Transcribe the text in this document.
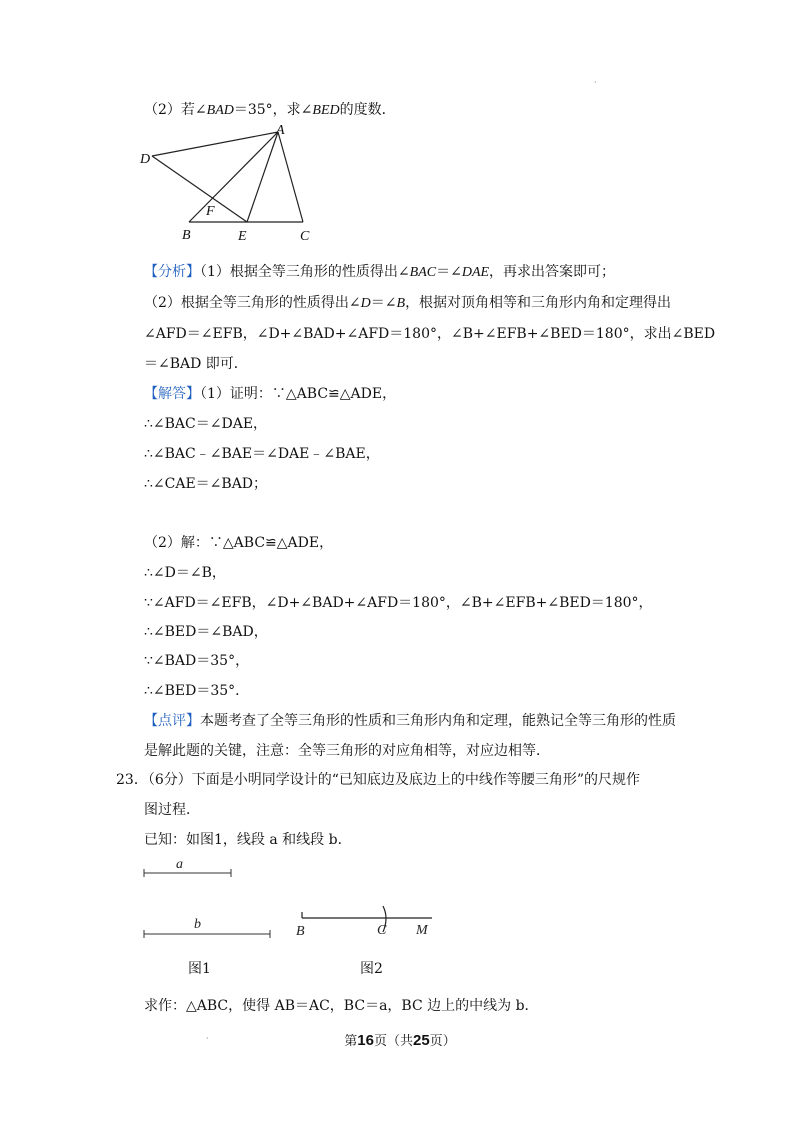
·
（2）若∠BAD＝35°，求∠BED的度数．
A
D
F
B	E	C
【分析】（1）根据全等三角形的性质得出∠BAC＝∠DAE，再求出答案即可；
（2）根据全等三角形的性质得出∠D＝∠B，根据对顶角相等和三角形内角和定理得出
∠AFD＝∠EFB，∠D+∠BAD+∠AFD＝180°，∠B+∠EFB+∠BED＝180°，求出∠BED
＝∠BAD 即可．
【解答】（1）证明：∵△ABC≌△ADE，
∴∠BAC＝∠DAE，
∴∠BAC﹣∠BAE＝∠DAE﹣∠BAE，
∴∠CAE＝∠BAD；
（2）解：∵△ABC≌△ADE，
∴∠D＝∠B，
∵∠AFD＝∠EFB，∠D+∠BAD+∠AFD＝180°，∠B+∠EFB+∠BED＝180°，
∴∠BED＝∠BAD，
∵∠BAD＝35°，
∴∠BED＝35°．
【点评】本题考查了全等三角形的性质和三角形内角和定理，能熟记全等三角形的性质
是解此题的关键，注意：全等三角形的对应角相等，对应边相等．
23．（6分）下面是小明同学设计的“已知底边及底边上的中线作等腰三角形”的尺规作
图过程．
已知：如图1，线段 a 和线段 b．
a
b	B	C M
图1	图2
求作：△ABC，使得 AB＝AC，BC＝a，BC 边上的中线为 b．
·	第16页（共25页）
